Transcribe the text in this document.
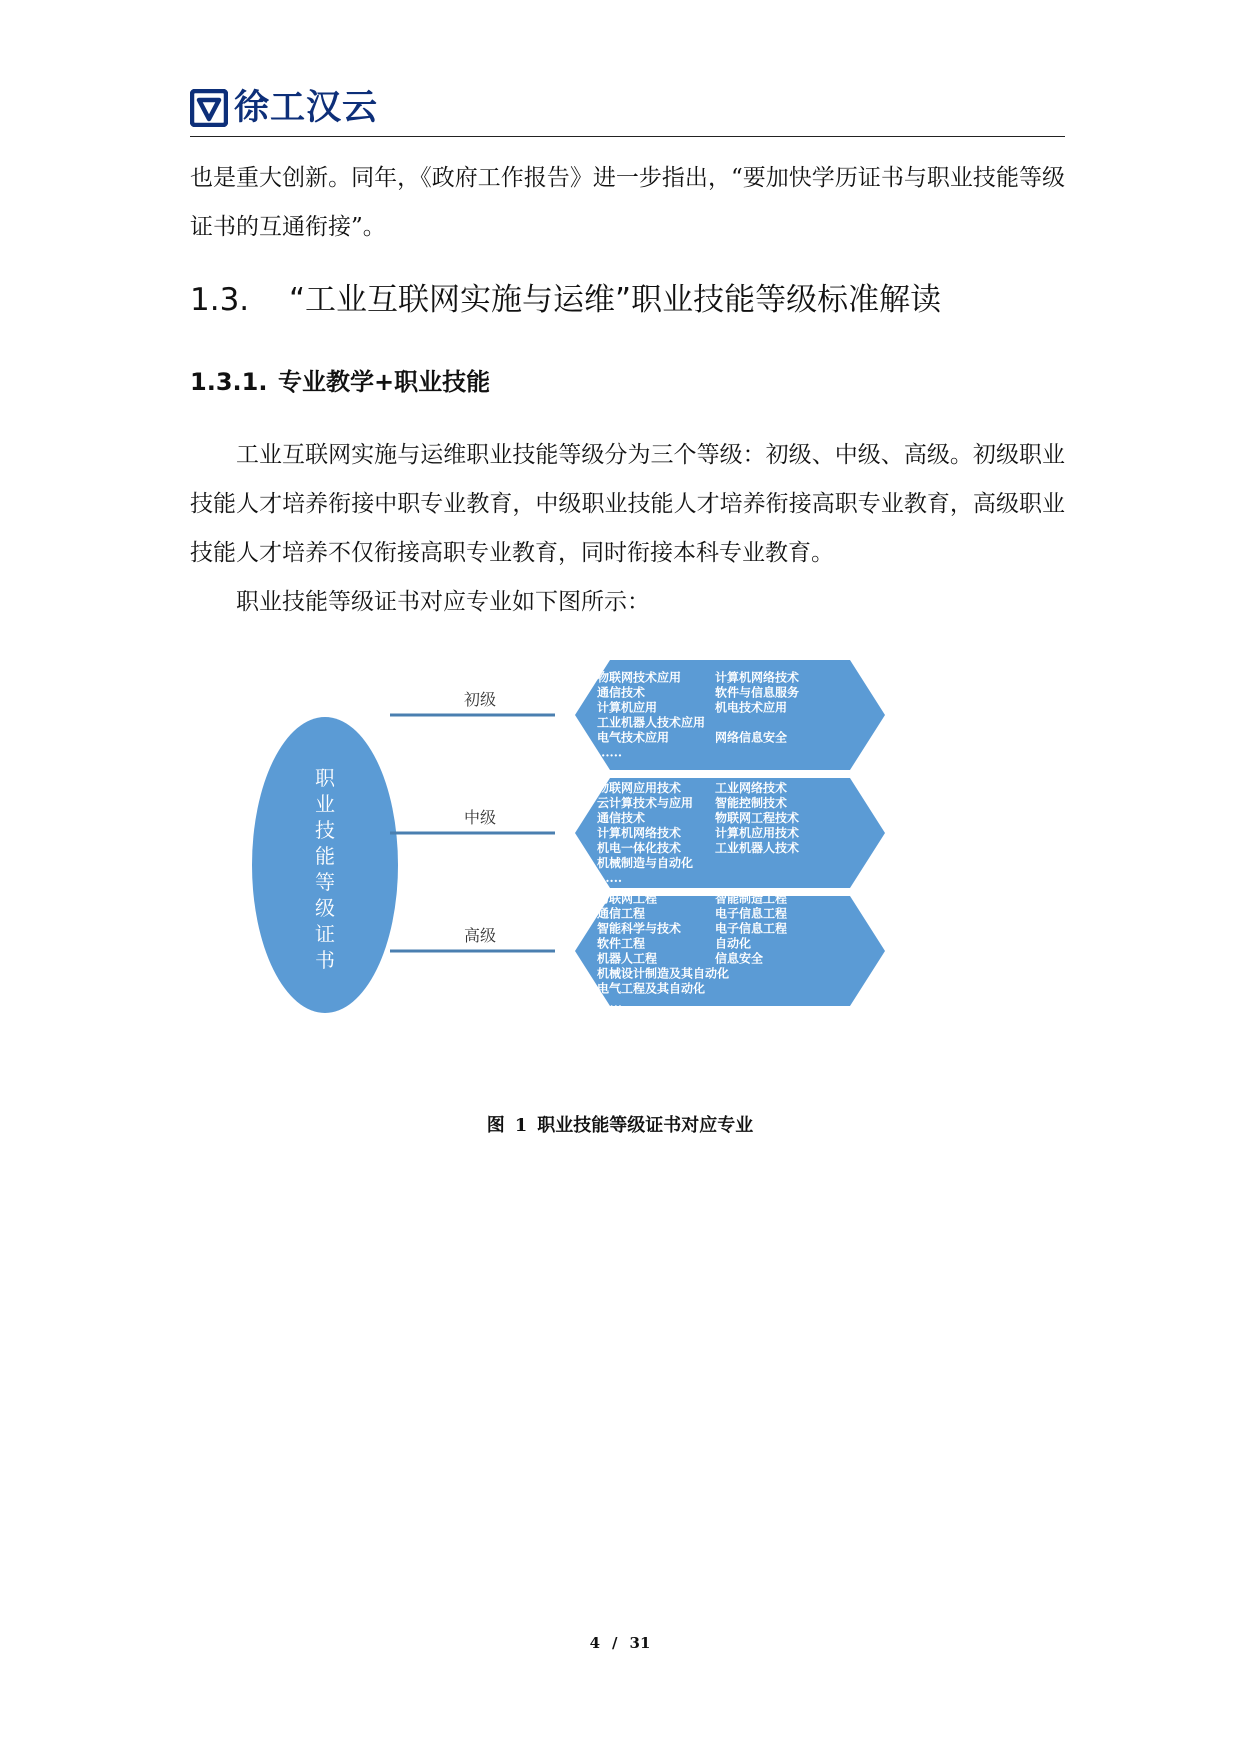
徐工汉云

也是重大创新。同年，《政府工作报告》进一步指出，“要加快学历证书与职业技能等级证书的互通衔接”。

1.3. “工业互联网实施与运维”职业技能等级标准解读
1.3.1. 专业教学+职业技能

工业互联网实施与运维职业技能等级分为三个等级：初级、中级、高级。初级职业技能人才培养衔接中职专业教育，中级职业技能人才培养衔接高职专业教育，高级职业技能人才培养不仅衔接高职专业教育，同时衔接本科专业教育。

职业技能等级证书对应专业如下图所示：

职业技能等级证书
初级
物联网技术应用	计算机网络技术
通信技术	软件与信息服务
计算机应用	机电技术应用
工业机器人技术应用
电气技术应用	网络信息安全
......
中级
物联网应用技术	工业网络技术
云计算技术与应用 智能控制技术
通信技术	物联网工程技术
计算机网络技术	计算机应用技术
机电一体化技术	工业机器人技术
机械制造与自动化
......
高级
物联网工程	智能制造工程
通信工程	电子信息工程
智能科学与技术	电子信息工程
软件工程	自动化
机器人工程	信息安全
机械设计制造及其自动化
电气工程及其自动化
......

图 1 职业技能等级证书对应专业

4 / 31
